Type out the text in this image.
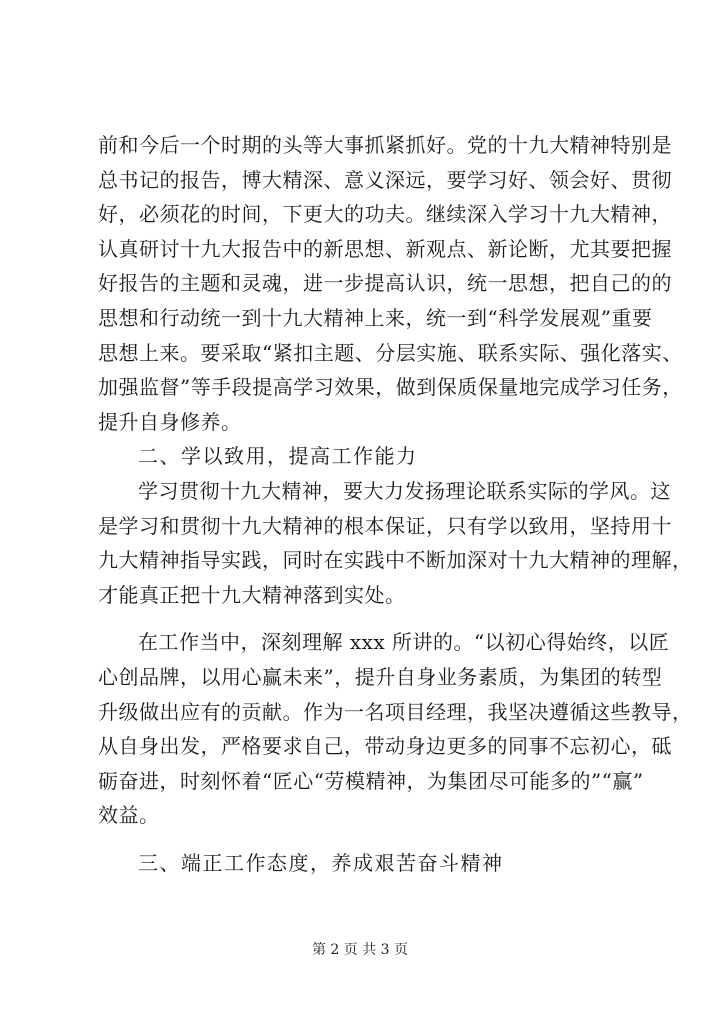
前和今后一个时期的头等大事抓紧抓好。党的十九大精神特别是
总书记的报告，博大精深、意义深远，要学习好、领会好、贯彻
好，必须花的时间，下更大的功夫。继续深入学习十九大精神，
认真研讨十九大报告中的新思想、新观点、新论断，尤其要把握
好报告的主题和灵魂，进一步提高认识，统一思想，把自己的的
思想和行动统一到十九大精神上来，统一到“科学发展观”重要
思想上来。要采取“紧扣主题、分层实施、联系实际、强化落实、
加强监督”等手段提高学习效果，做到保质保量地完成学习任务，
提升自身修养。
二、学以致用，提高工作能力
学习贯彻十九大精神，要大力发扬理论联系实际的学风。这
是学习和贯彻十九大精神的根本保证，只有学以致用，坚持用十
九大精神指导实践，同时在实践中不断加深对十九大精神的理解，
才能真正把十九大精神落到实处。
在工作当中，深刻理解 xxx 所讲的。“以初心得始终，以匠
心创品牌，以用心赢未来”，提升自身业务素质，为集团的转型
升级做出应有的贡献。作为一名项目经理，我坚决遵循这些教导，
从自身出发，严格要求自己，带动身边更多的同事不忘初心，砥
砺奋进，时刻怀着“匠心“劳模精神，为集团尽可能多的”“赢”
效益。
三、端正工作态度，养成艰苦奋斗精神
第 2 页 共 3 页
